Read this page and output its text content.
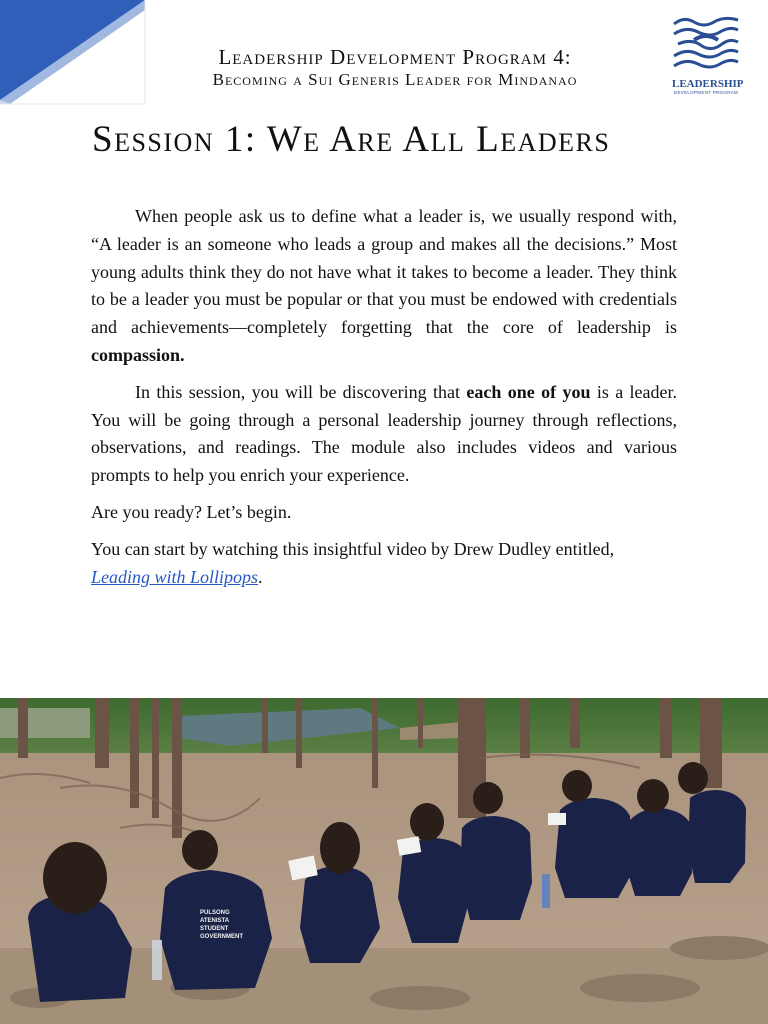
Leadership Development Program 4:
Becoming a Sui Generis Leader for Mindanao	LEADERSHIP
DEVELOPMENT PROGRAM
Session 1: We Are All Leaders

When people ask us to define what a leader is, we usually respond with, “A leader is an someone who leads a group and makes all the decisions.” Most young adults think they do not have what it takes to become a leader. They think to be a leader you must be popular or that you must be endowed with credentials and achievements—completely forgetting that the core of leadership is compassion.

In this session, you will be discovering that each one of you is a leader. You will be going through a personal leadership journey through reflections, observations, and readings. The module also includes videos and various prompts to help you enrich your experience.

Are you ready? Let’s begin.

You can start by watching this insightful video by Drew Dudley entitled, Leading with Lollipops.

PULSONG
ATENISTA
STUDENT
GOVERNMENT
